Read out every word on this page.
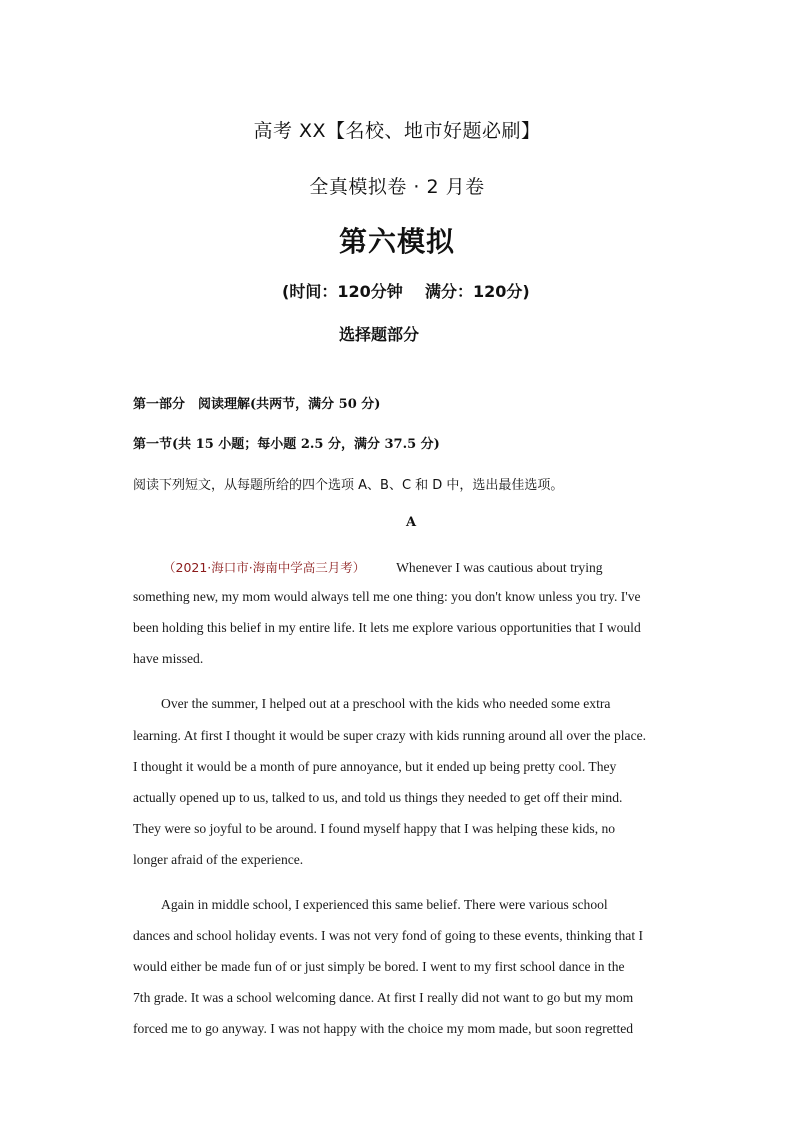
高考 XX【名校、地市好题必刷】
全真模拟卷 · 2 月卷
第六模拟
(时间：120分钟    满分：120分)
选择题部分
第一部分　阅读理解(共两节，满分 50 分)
第一节(共 15 小题；每小题 2.5 分，满分 37.5 分)
阅读下列短文，从每题所给的四个选项 A、B、C 和 D 中，选出最佳选项。
A
（2021·海口市·海南中学高三月考） Whenever I was cautious about trying
something new, my mom would always tell me one thing: you don't know unless you try. I've
been holding this belief in my entire life. It lets me explore various opportunities that I would
have missed.
Over the summer, I helped out at a preschool with the kids who needed some extra
learning. At first I thought it would be super crazy with kids running around all over the place.
I thought it would be a month of pure annoyance, but it ended up being pretty cool. They
actually opened up to us, talked to us, and told us things they needed to get off their mind.
They were so joyful to be around. I found myself happy that I was helping these kids, no
longer afraid of the experience.
Again in middle school, I experienced this same belief. There were various school
dances and school holiday events. I was not very fond of going to these events, thinking that I
would either be made fun of or just simply be bored. I went to my first school dance in the
7th grade. It was a school welcoming dance. At first I really did not want to go but my mom
forced me to go anyway. I was not happy with the choice my mom made, but soon regretted
